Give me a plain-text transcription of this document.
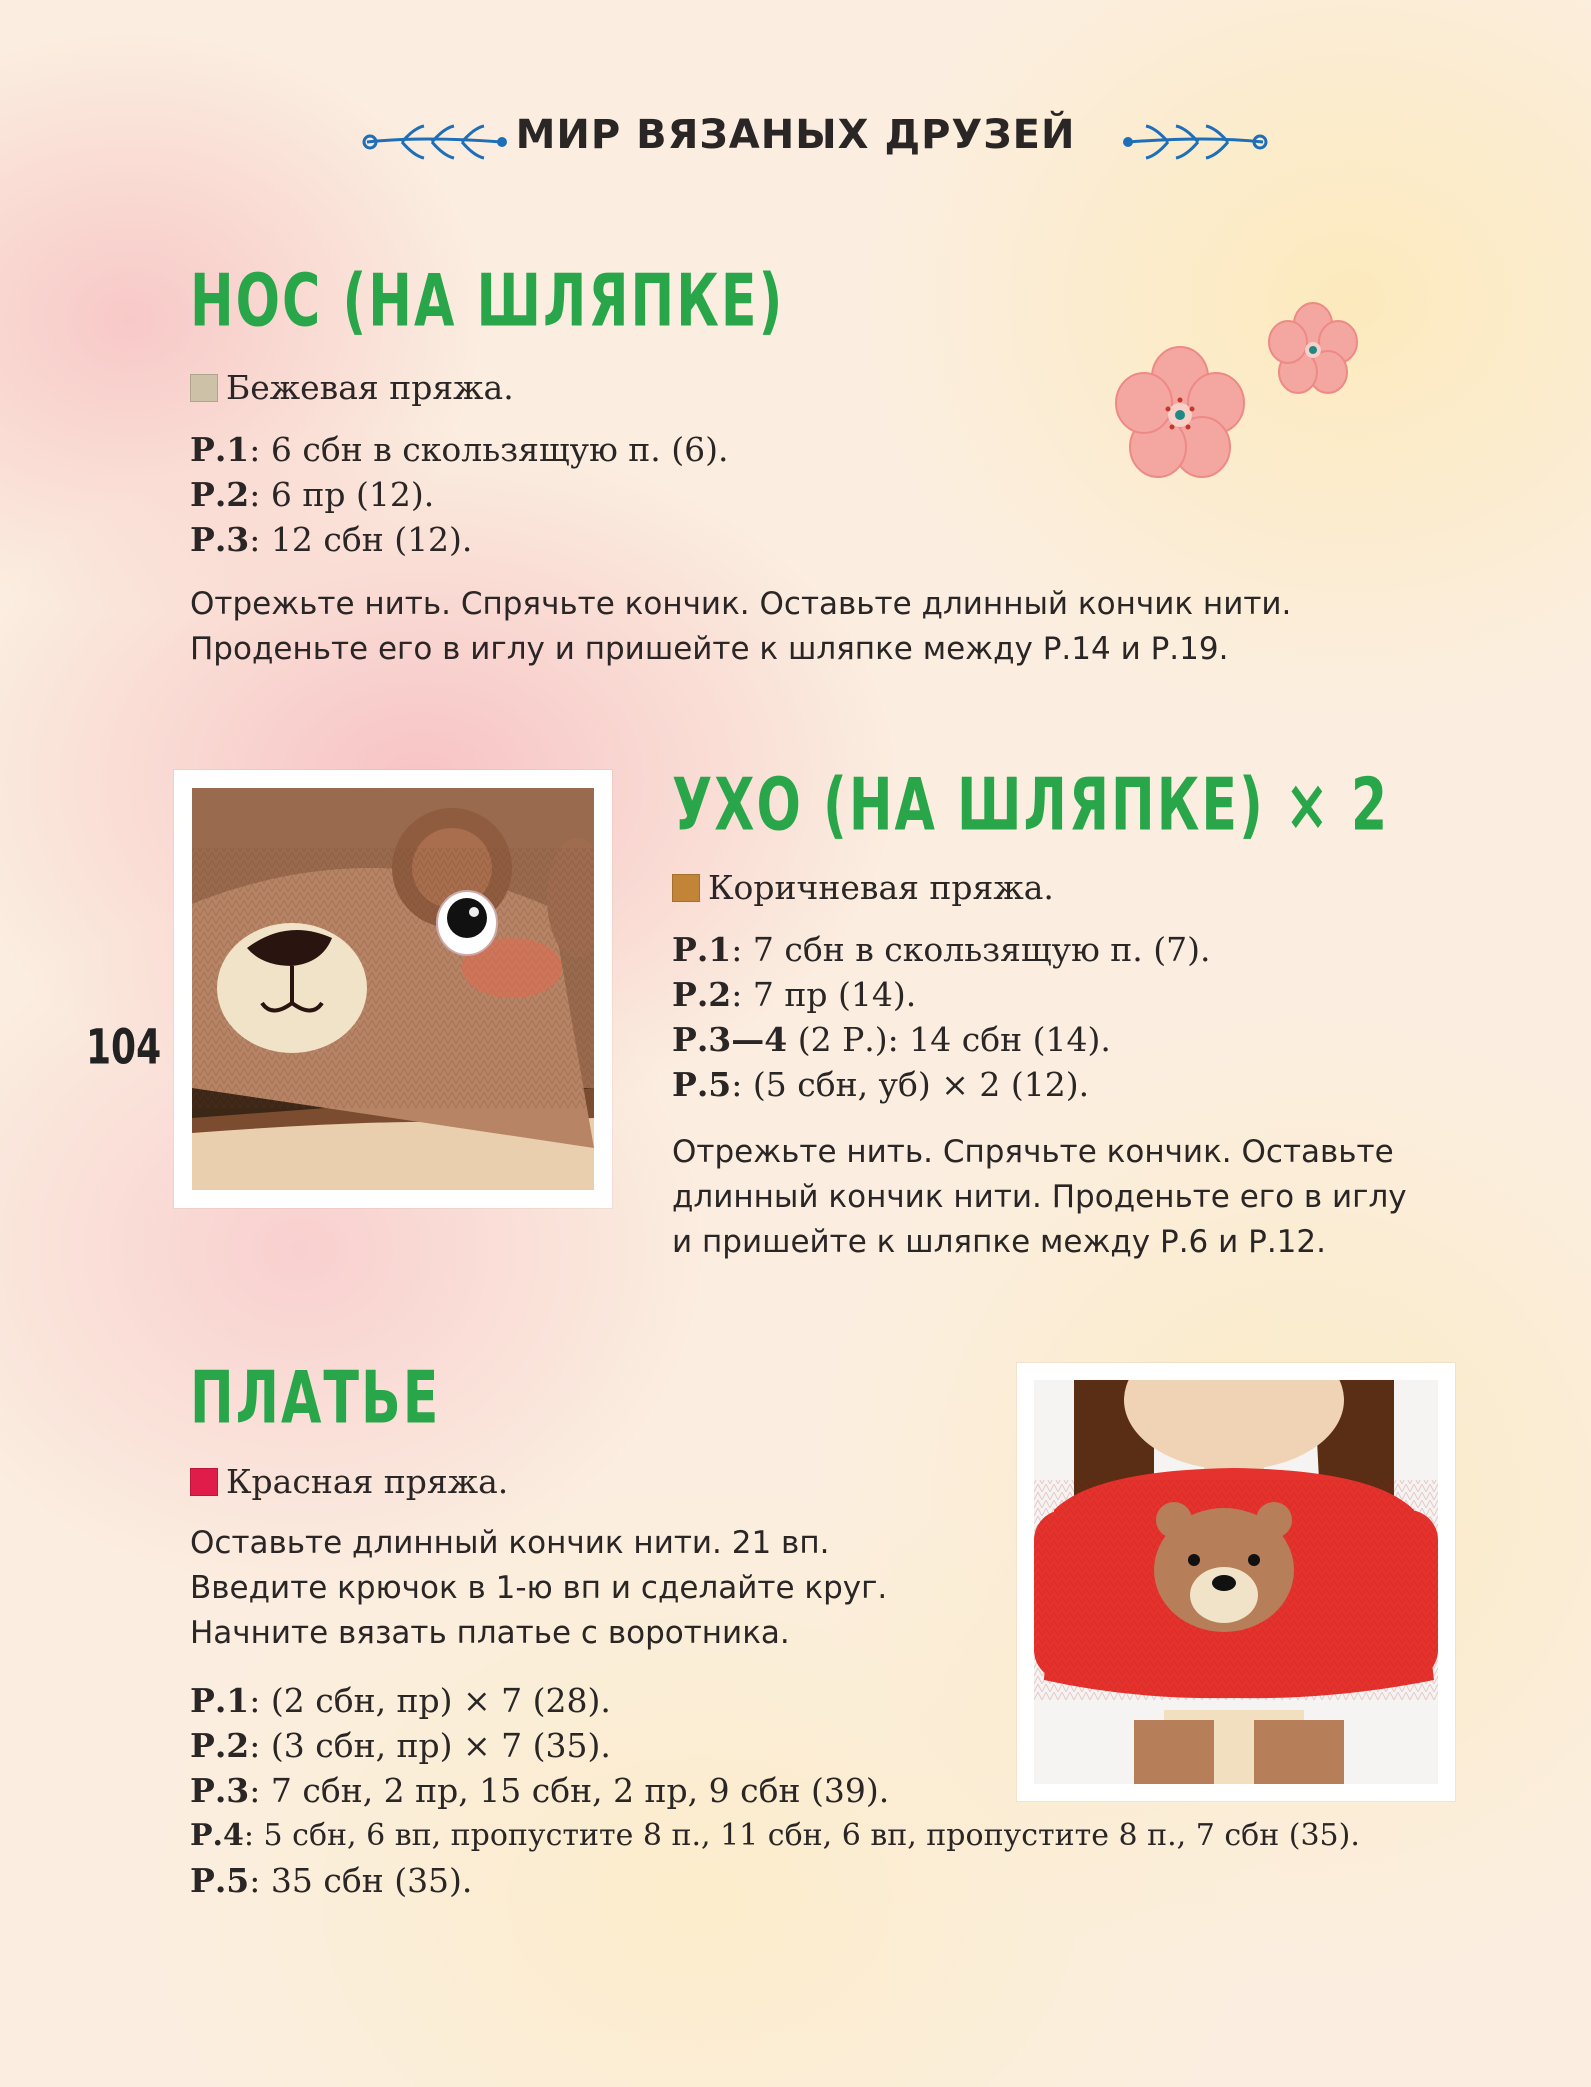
МИР ВЯЗАНЫХ ДРУЗЕЙ
НОС (НА ШЛЯПКЕ)
Бежевая пряжа.
Р.1: 6 сбн в скользящую п. (6).
Р.2: 6 пр (12).
Р.3: 12 сбн (12).
Отрежьте нить. Спрячьте кончик. Оставьте длинный кончик нити.
Проденьте его в иглу и пришейте к шляпке между Р.14 и Р.19.
104
УХО (НА ШЛЯПКЕ) × 2
Коричневая пряжа.
Р.1: 7 сбн в скользящую п. (7).
Р.2: 7 пр (14).
Р.3—4 (2 Р.): 14 сбн (14).
Р.5: (5 сбн, уб) × 2 (12).
Отрежьте нить. Спрячьте кончик. Оставьте
длинный кончик нити. Проденьте его в иглу
и пришейте к шляпке между Р.6 и Р.12.
ПЛАТЬЕ
Красная пряжа.
Оставьте длинный кончик нити. 21 вп.
Введите крючок в 1-ю вп и сделайте круг.
Начните вязать платье с воротника.
Р.1: (2 сбн, пр) × 7 (28).
Р.2: (3 сбн, пр) × 7 (35).
Р.3: 7 сбн, 2 пр, 15 сбн, 2 пр, 9 сбн (39).
Р.4: 5 сбн, 6 вп, пропустите 8 п., 11 сбн, 6 вп, пропустите 8 п., 7 сбн (35).
Р.5: 35 сбн (35).
